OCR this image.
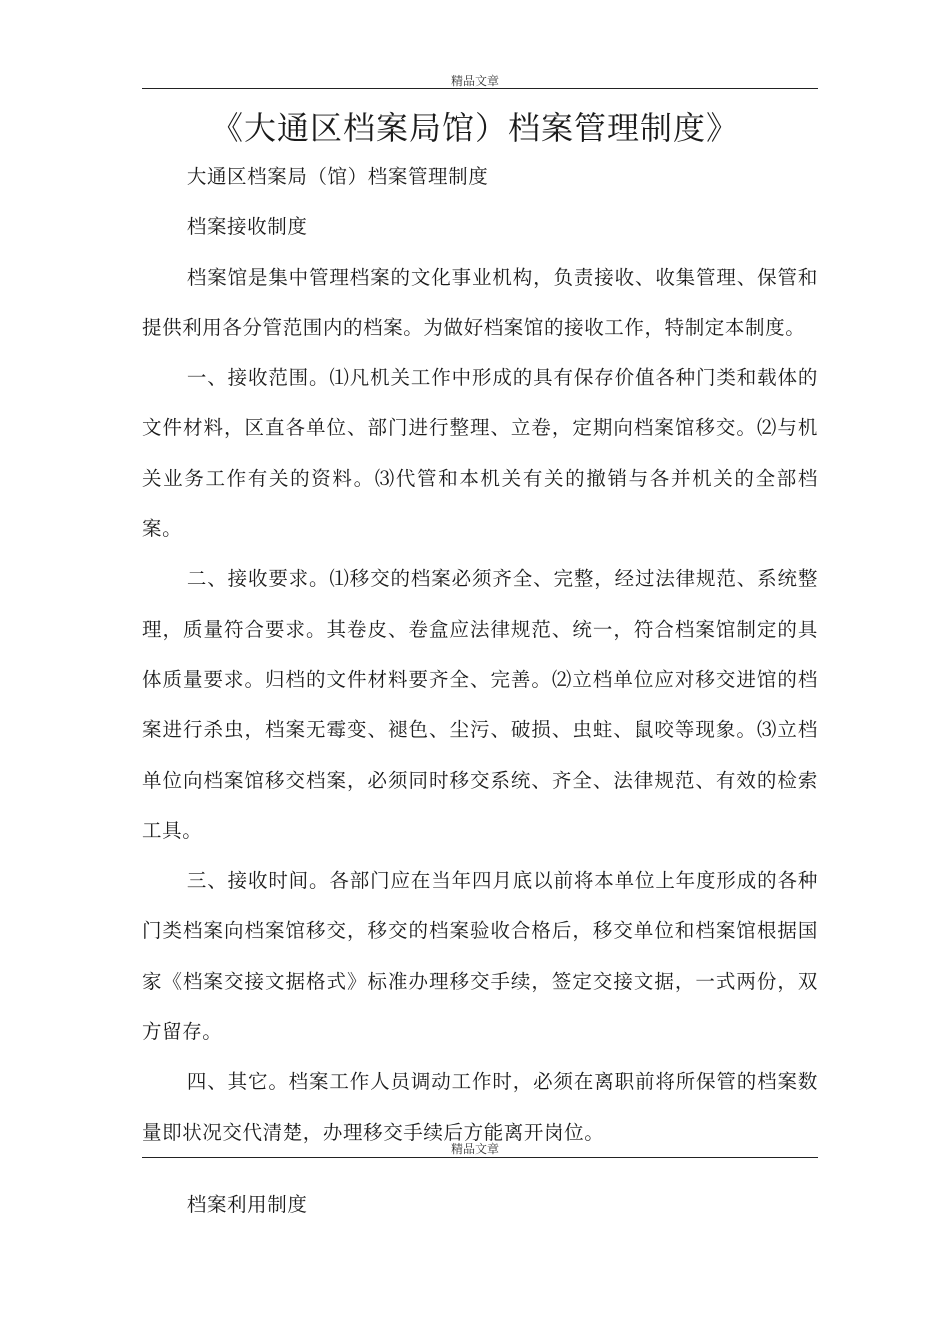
精品文章
《大通区档案局馆）档案管理制度》

大通区档案局（馆）档案管理制度

档案接收制度

档案馆是集中管理档案的文化事业机构，负责接收、收集管理、保管和提供利用各分管范围内的档案。为做好档案馆的接收工作，特制定本制度。

一、接收范围。⑴凡机关工作中形成的具有保存价值各种门类和载体的文件材料，区直各单位、部门进行整理、立卷，定期向档案馆移交。⑵与机关业务工作有关的资料。⑶代管和本机关有关的撤销与各并机关的全部档案。

二、接收要求。⑴移交的档案必须齐全、完整，经过法律规范、系统整理，质量符合要求。其卷皮、卷盒应法律规范、统一，符合档案馆制定的具体质量要求。归档的文件材料要齐全、完善。⑵立档单位应对移交进馆的档案进行杀虫，档案无霉变、褪色、尘污、破损、虫蛀、鼠咬等现象。⑶立档单位向档案馆移交档案，必须同时移交系统、齐全、法律规范、有效的检索工具。

三、接收时间。各部门应在当年四月底以前将本单位上年度形成的各种门类档案向档案馆移交，移交的档案验收合格后，移交单位和档案馆根据国家《档案交接文据格式》标准办理移交手续，签定交接文据，一式两份，双方留存。

四、其它。档案工作人员调动工作时，必须在离职前将所保管的档案数量即状况交代清楚，办理移交手续后方能离开岗位。

精品文章

档案利用制度
